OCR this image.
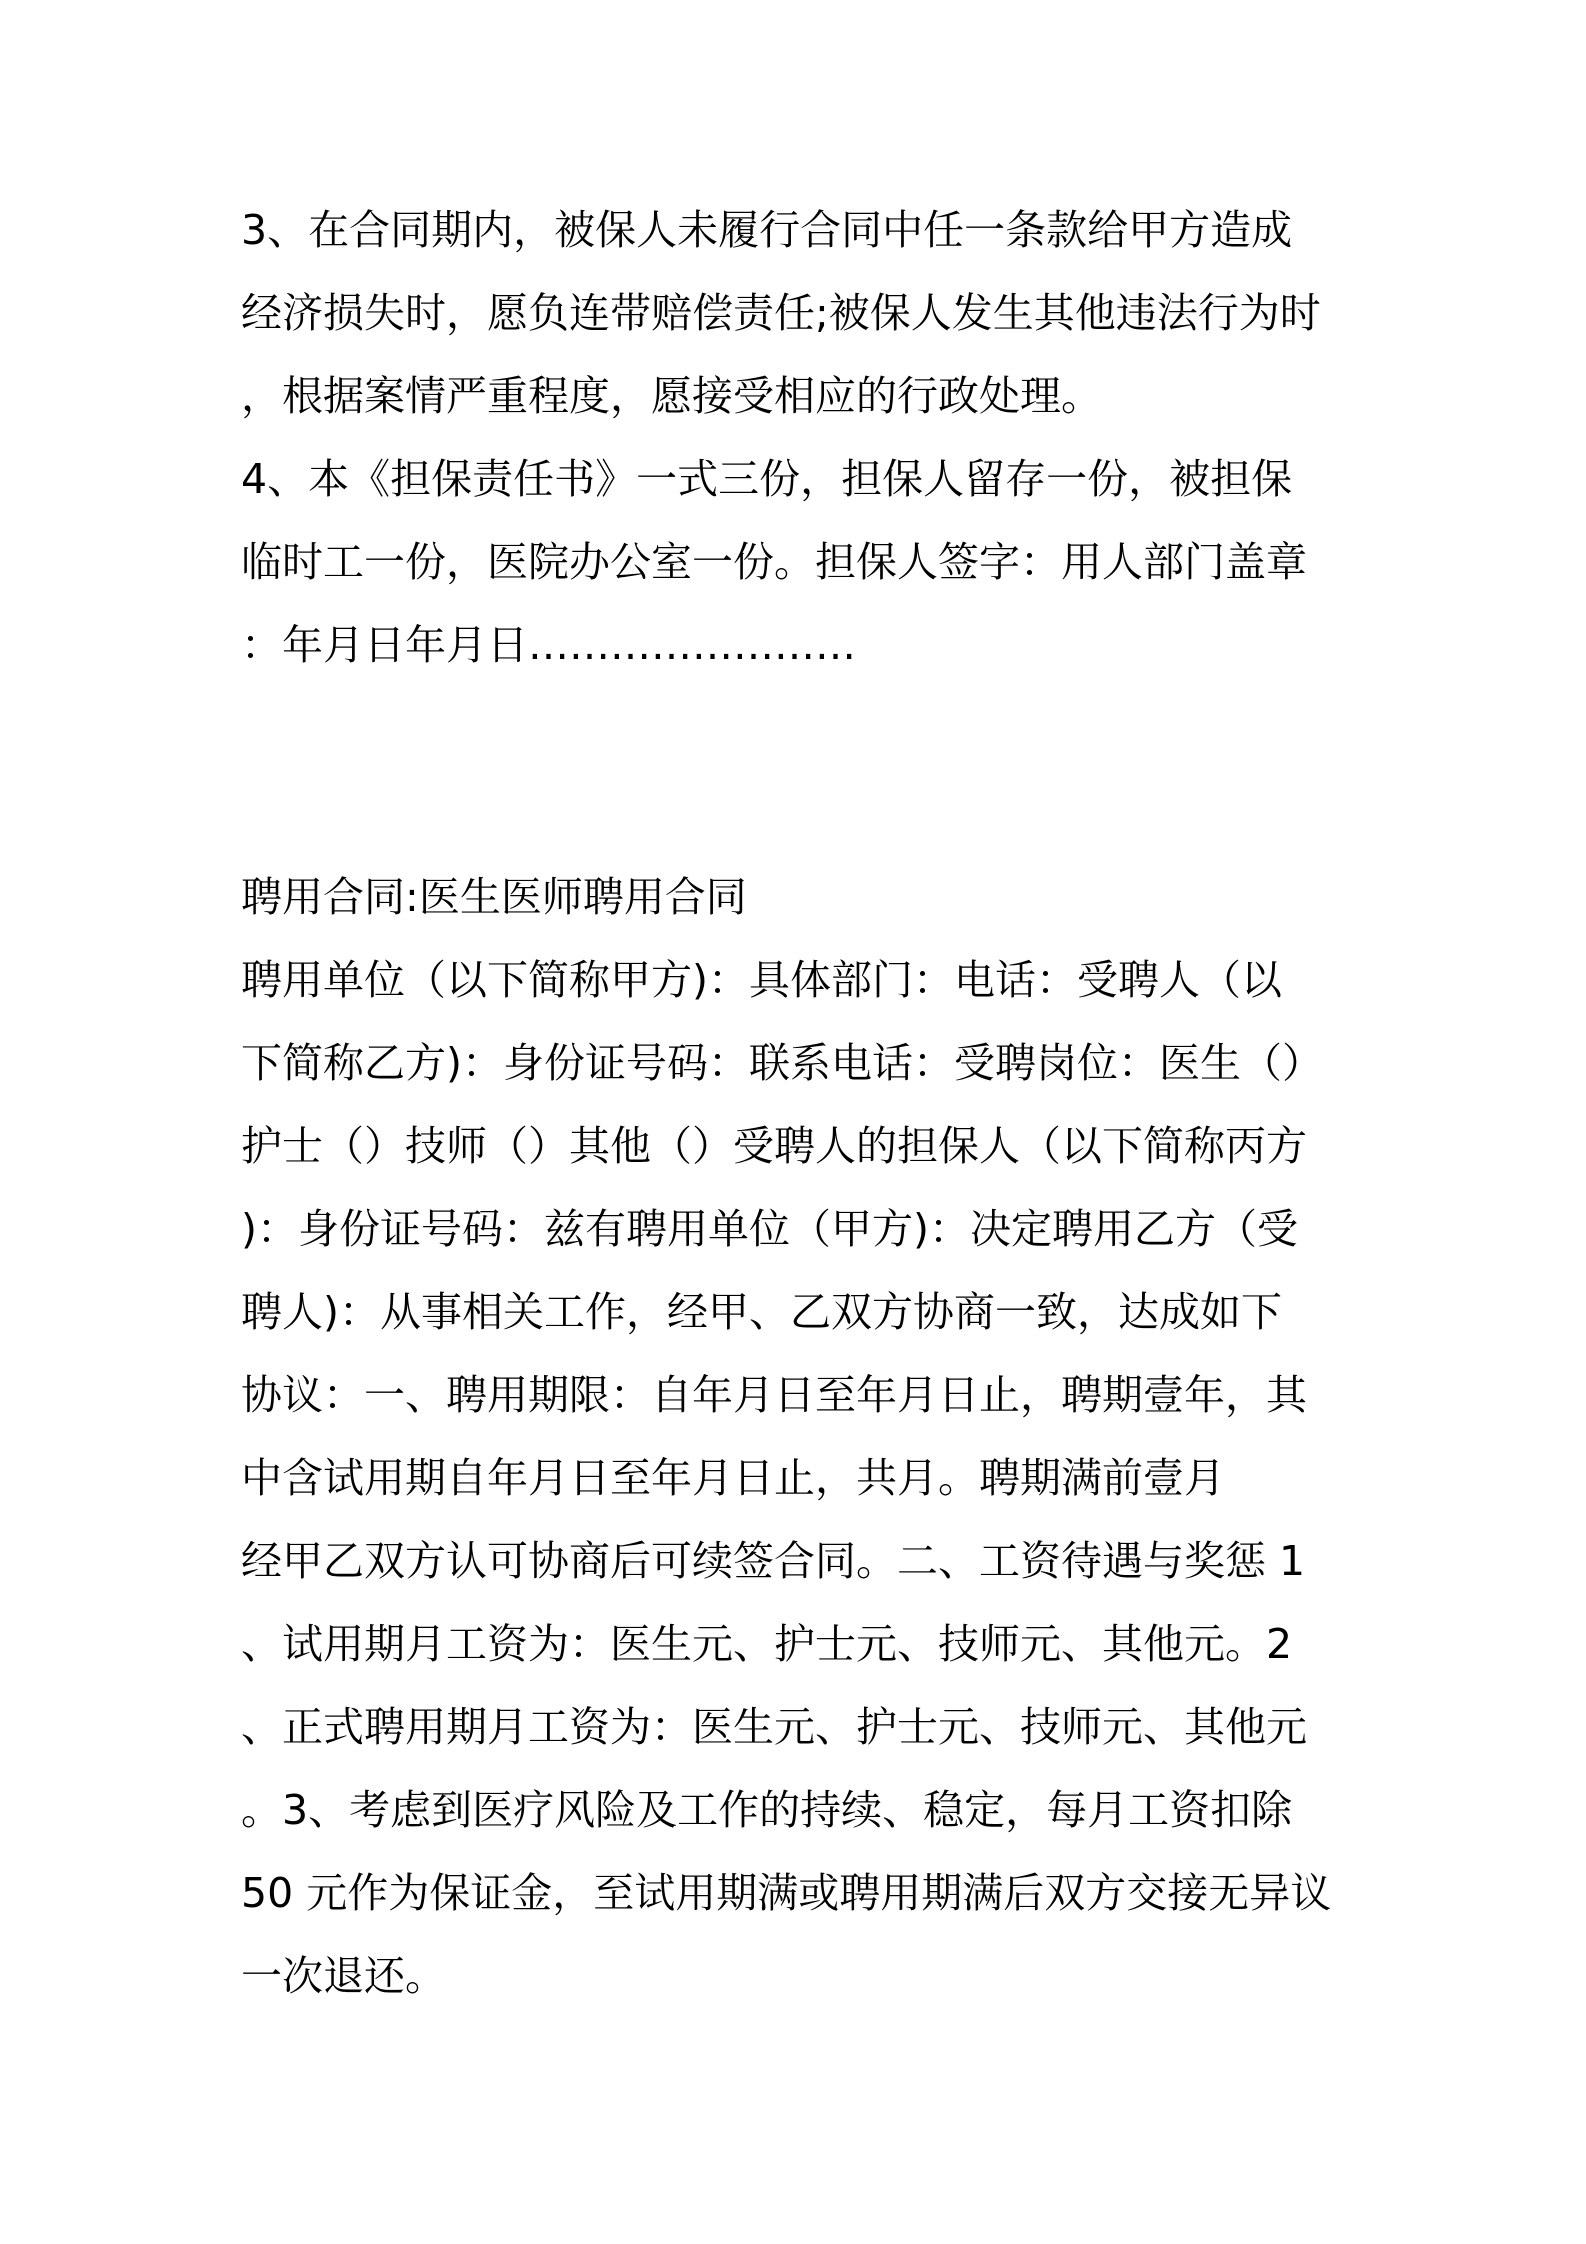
3、在合同期内，被保人未履行合同中任一条款给甲方造成
经济损失时，愿负连带赔偿责任;被保人发生其他违法行为时
，根据案情严重程度，愿接受相应的行政处理。
4、本《担保责任书》一式三份，担保人留存一份，被担保
临时工一份，医院办公室一份。担保人签字：用人部门盖章
：年月日年月日……………………
聘用合同:医生医师聘用合同
聘用单位（以下简称甲方)：具体部门：电话：受聘人（以
下简称乙方)：身份证号码：联系电话：受聘岗位：医生（）
护士（）技师（）其他（）受聘人的担保人（以下简称丙方
)：身份证号码：兹有聘用单位（甲方)：决定聘用乙方（受
聘人)：从事相关工作，经甲、乙双方协商一致，达成如下
协议：一、聘用期限：自年月日至年月日止，聘期壹年，其
中含试用期自年月日至年月日止，共月。聘期满前壹月
经甲乙双方认可协商后可续签合同。二、工资待遇与奖惩 1
、试用期月工资为：医生元、护士元、技师元、其他元。2
、正式聘用期月工资为：医生元、护士元、技师元、其他元
。3、考虑到医疗风险及工作的持续、稳定，每月工资扣除
50 元作为保证金，至试用期满或聘用期满后双方交接无异议
一次退还。
